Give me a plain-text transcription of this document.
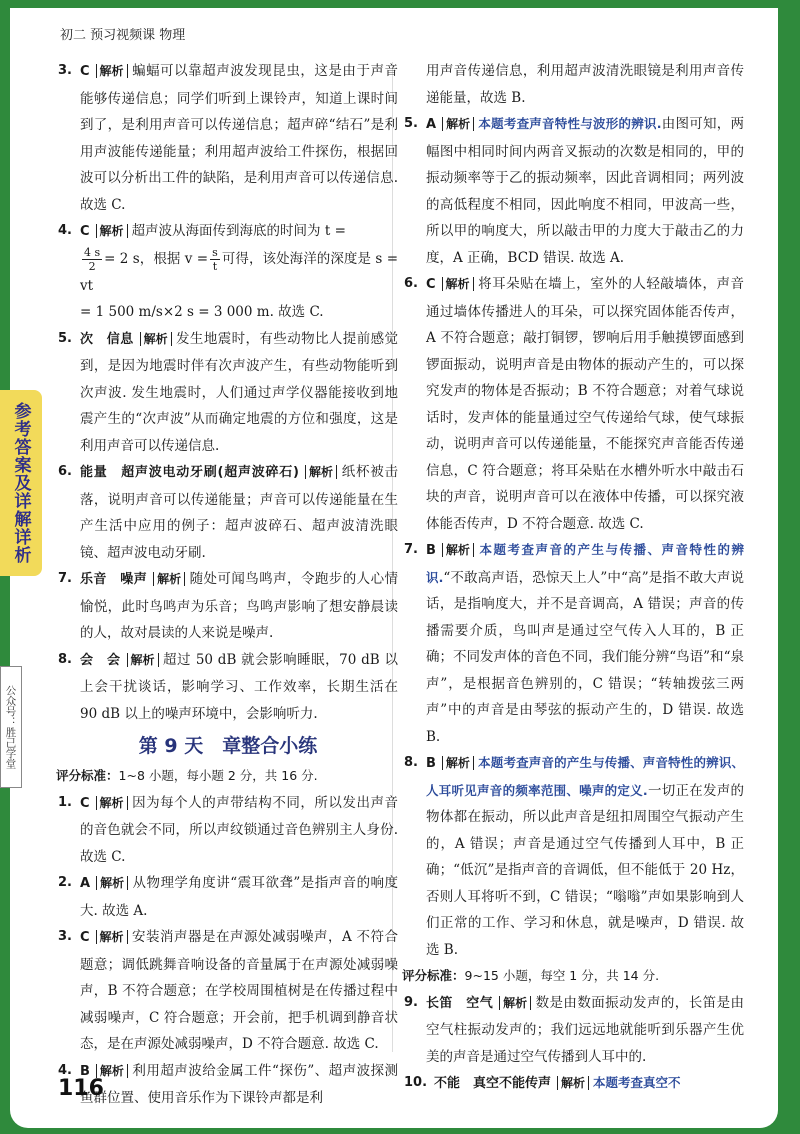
初二 预习视频课 物理
3. C 解析 蝙蝠可以靠超声波发现昆虫，这是由于声音能够传递信息；同学们听到上课铃声，知道上课时间到了，是利用声音可以传递信息；超声碎“结石”是利用声波能传递能量；利用超声波给工件探伤，根据回波可以分析出工件的缺陷，是利用声音可以传递信息. 故选 C.
4. C 解析 超声波从海面传到海底的时间为 t =

$\frac{4 s}{2} = 2$ s，根据 $v = \frac{s}{t}$ 可得，该处海洋的深度是 s = vt
= 1 500 m/s×2 s = 3 000 m. 故选 C.
5. 次　信息 解析 发生地震时，有些动物比人提前感觉到，是因为地震时伴有次声波产生，有些动物能听到次声波. 发生地震时，人们通过声学仪器能接收到地震产生的“次声波”从而确定地震的方位和强度，这是利用声音可以传递信息.
6. 能量　超声波电动牙刷(超声波碎石) 解析 纸杯被击落，说明声音可以传递能量；声音可以传递能量在生产生活中应用的例子：超声波碎石、超声波清洗眼镜、超声波电动牙刷.
7. 乐音　噪声 解析 随处可闻鸟鸣声，令跑步的人心情愉悦，此时鸟鸣声为乐音；鸟鸣声影响了想安静晨读的人，故对晨读的人来说是噪声.
8. 会　会 解析 超过 50 dB 就会影响睡眠，70 dB 以上会干扰谈话，影响学习、工作效率，长期生活在 90 dB 以上的噪声环境中，会影响听力.
第 9 天　章整合小练
评分标准：1~8 小题，每小题 2 分，共 16 分.
1. C 解析 因为每个人的声带结构不同，所以发出声音的音色就会不同，所以声纹锁通过音色辨别主人身份. 故选 C.
2. A 解析 从物理学角度讲“震耳欲聋”是指声音的响度大. 故选 A.
3. C 解析 安装消声器是在声源处减弱噪声，A 不符合题意；调低跳舞音响设备的音量属于在声源处减弱噪声，B 不符合题意；在学校周围植树是在传播过程中减弱噪声，C 符合题意；开会前，把手机调到静音状态，是在声源处减弱噪声，D 不符合题意. 故选 C.
4. B 解析 利用超声波给金属工件“探伤”、超声波探测鱼群位置、使用音乐作为下课铃声都是利
用声音传递信息，利用超声波清洗眼镜是利用声音传递能量，故选 B.
5. A 解析 本题考查声音特性与波形的辨识.由图可知，两幅图中相同时间内两音叉振动的次数是相同的，甲的振动频率等于乙的振动频率，因此音调相同；两列波的高低程度不相同，因此响度不相同，甲波高一些，所以甲的响度大，所以敲击甲的力度大于敲击乙的力度，A 正确，BCD 错误. 故选 A.
6. C 解析 将耳朵贴在墙上，室外的人轻敲墙体，声音通过墙体传播进人的耳朵，可以探究固体能否传声，A 不符合题意；敲打铜锣，锣响后用手触摸锣面感到锣面振动，说明声音是由物体的振动产生的，可以探究发声的物体是否振动；B 不符合题意；对着气球说话时，发声体的能量通过空气传递给气球，使气球振动，说明声音可以传递能量，不能探究声音能否传递信息，C 符合题意；将耳朵贴在水槽外听水中敲击石块的声音，说明声音可以在液体中传播，可以探究液体能否传声，D 不符合题意. 故选 C.
7. B 解析 本题考查声音的产生与传播、声音特性的辨识.“不敢高声语，恐惊天上人”中“高”是指不敢大声说话，是指响度大，并不是音调高，A 错误；声音的传播需要介质，鸟叫声是通过空气传入人耳的，B 正确；不同发声体的音色不同，我们能分辨“鸟语”和“泉声”，是根据音色辨别的，C 错误；“转轴拨弦三两声”中的声音是由琴弦的振动产生的，D 错误. 故选 B.
8. B 解析 本题考查声音的产生与传播、声音特性的辨识、人耳听见声音的频率范围、噪声的定义.一切正在发声的物体都在振动，所以此声音是纽扣周围空气振动产生的，A 错误；声音是通过空气传播到人耳中，B 正确；“低沉”是指声音的音调低，但不能低于 20 Hz，否则人耳将听不到，C 错误；“嗡嗡”声如果影响到人们正常的工作、学习和休息，就是噪声，D 错误. 故选 B.
评分标准：9~15 小题，每空 1 分，共 14 分.
9. 长笛　空气 解析 数是由数面振动发声的，长笛是由空气柱振动发声的；我们远远地就能听到乐器产生优美的声音是通过空气传播到人耳中的.
10. 不能　真空不能传声 解析 本题考查真空不
参考答案及详解详析
公众号：胜己学堂
116
